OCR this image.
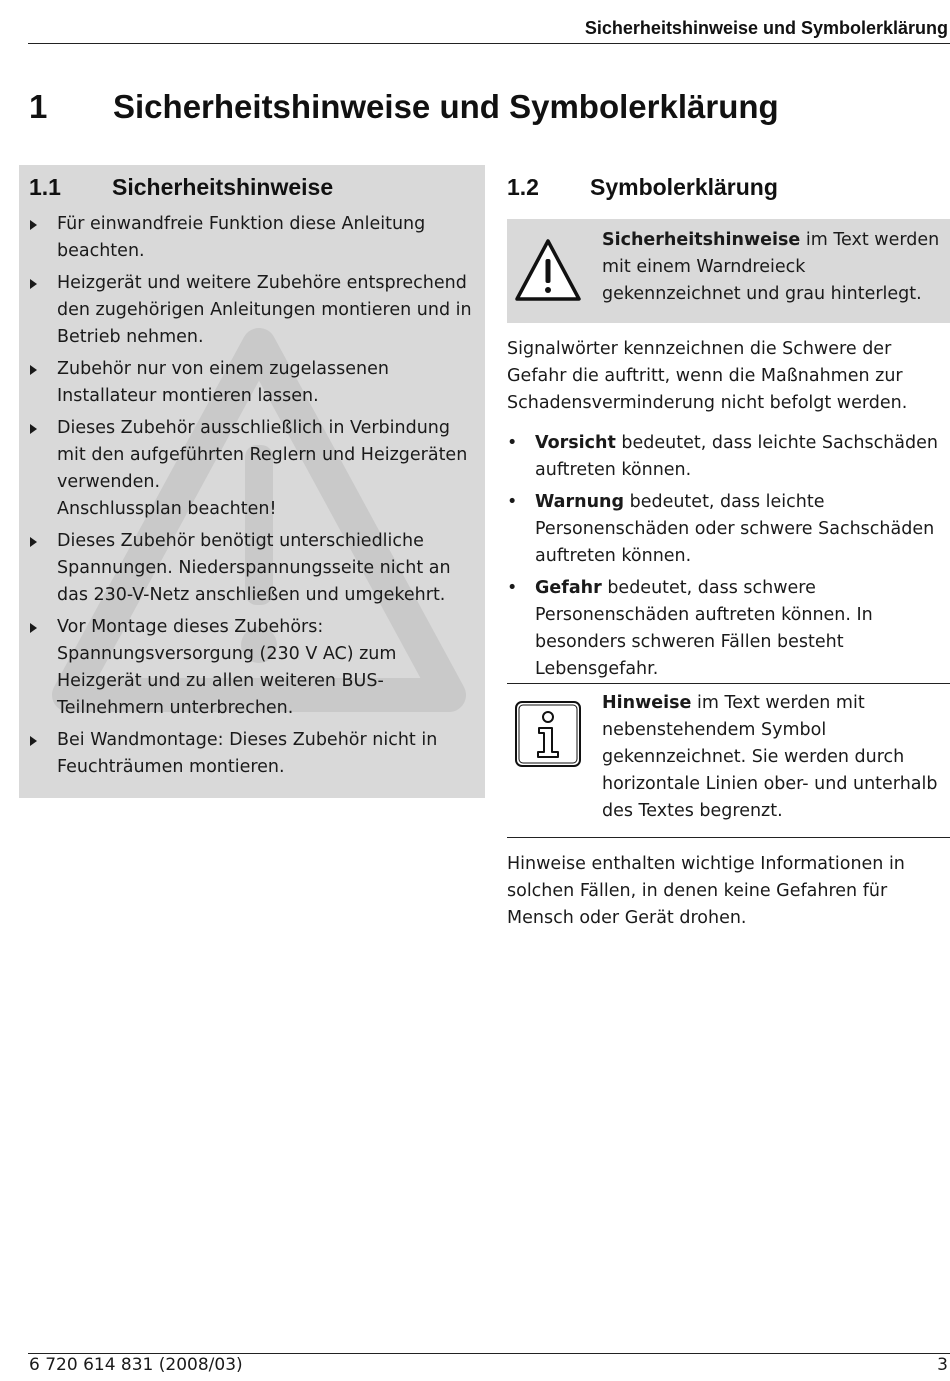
Sicherheitshinweise und Symbolerklärung
1 Sicherheitshinweise und Symbolerklärung
1.1 Sicherheitshinweise
Für einwandfreie Funktion diese Anleitung beachten.
Heizgerät und weitere Zubehöre entsprechend den zugehörigen Anleitungen montieren und in Betrieb nehmen.
Zubehör nur von einem zugelassenen Installateur montieren lassen.
Dieses Zubehör ausschließlich in Verbindung mit den aufgeführten Reglern und Heizgeräten verwenden.
Anschlussplan beachten!
Dieses Zubehör benötigt unterschiedliche Spannungen. Niederspannungsseite nicht an das 230-V-Netz anschließen und umgekehrt.
Vor Montage dieses Zubehörs: Spannungsversorgung (230 V AC) zum Heizgerät und zu allen weiteren BUS-Teilnehmern unterbrechen.
Bei Wandmontage: Dieses Zubehör nicht in Feuchträumen montieren.
1.2 Symbolerklärung
Sicherheitshinweise im Text werden mit einem Warndreieck gekennzeichnet und grau hinterlegt.

Signalwörter kennzeichnen die Schwere der Gefahr die auftritt, wenn die Maßnahmen zur Schadensverminderung nicht befolgt werden.

• Vorsicht bedeutet, dass leichte Sachschäden auftreten können.
• Warnung bedeutet, dass leichte Personenschäden oder schwere Sachschäden auftreten können.
• Gefahr bedeutet, dass schwere Personenschäden auftreten können. In besonders schweren Fällen besteht Lebensgefahr.
Hinweise im Text werden mit nebenstehendem Symbol gekennzeichnet. Sie werden durch horizontale Linien ober- und unterhalb des Textes begrenzt.

Hinweise enthalten wichtige Informationen in solchen Fällen, in denen keine Gefahren für Mensch oder Gerät drohen.

6 720 614 831 (2008/03)	3
